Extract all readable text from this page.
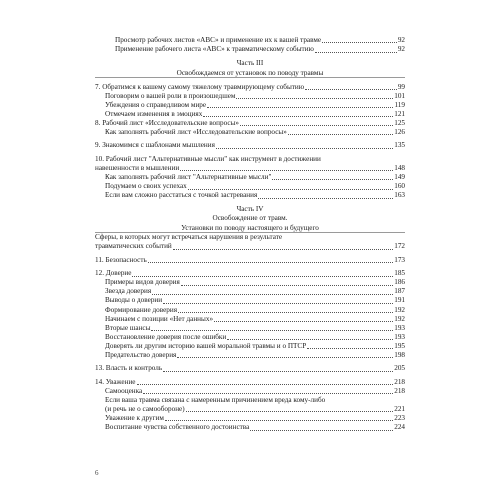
Просмотр рабочих листов «ABC» и применение их к вашей травме	92
Применение рабочего листа «ABC» к травматическому событию	92
Часть III
Освобождаемся от установок по поводу травмы
7. Обратимся к вашему самому тяжелому травмирующему событию	99
Поговорим о вашей роли в произошедшем	101
Убеждения о справедливом мире	119
Отмечаем изменения в эмоциях	121
8. Рабочий лист «Исследовательские вопросы»	125
Как заполнять рабочий лист «Исследовательские вопросы»	126
9. Знакомимся с шаблонами мышления	135
10. Рабочий лист "Альтернативные мысли" как инструмент в достижении
навешенности в мышлении	148
Как заполнять рабочий лист "Альтернативные мысли"	149
Подумаем о своих успехах	160
Если вам сложно расстаться с точкой застревания	163
Часть IV
Освобождение от травм.
Установки по поводу настоящего и будущего
Сферы, в которых могут встречаться нарушения в результате
травматических событий	172
11. Безопасность	173
12. Доверие	185
Примеры видов доверия	186
Звезда доверия	187
Выводы о доверии	191
Формирование доверия	192
Начинаем с позиции «Нет данных»	192
Вторые шансы	193
Восстановление доверия после ошибки	193
Доверять ли другим историю вашей моральной травмы и о ПТСР	195
Предательство доверия	198
13. Власть и контроль	205
14. Уважение	218
Самооценка	218
Если ваша травма связана с намеренным причинением вреда кому-либо
(и речь не о самообороне)	221
Уважение к другим	223
Воспитание чувства собственного достоинства	224
6
